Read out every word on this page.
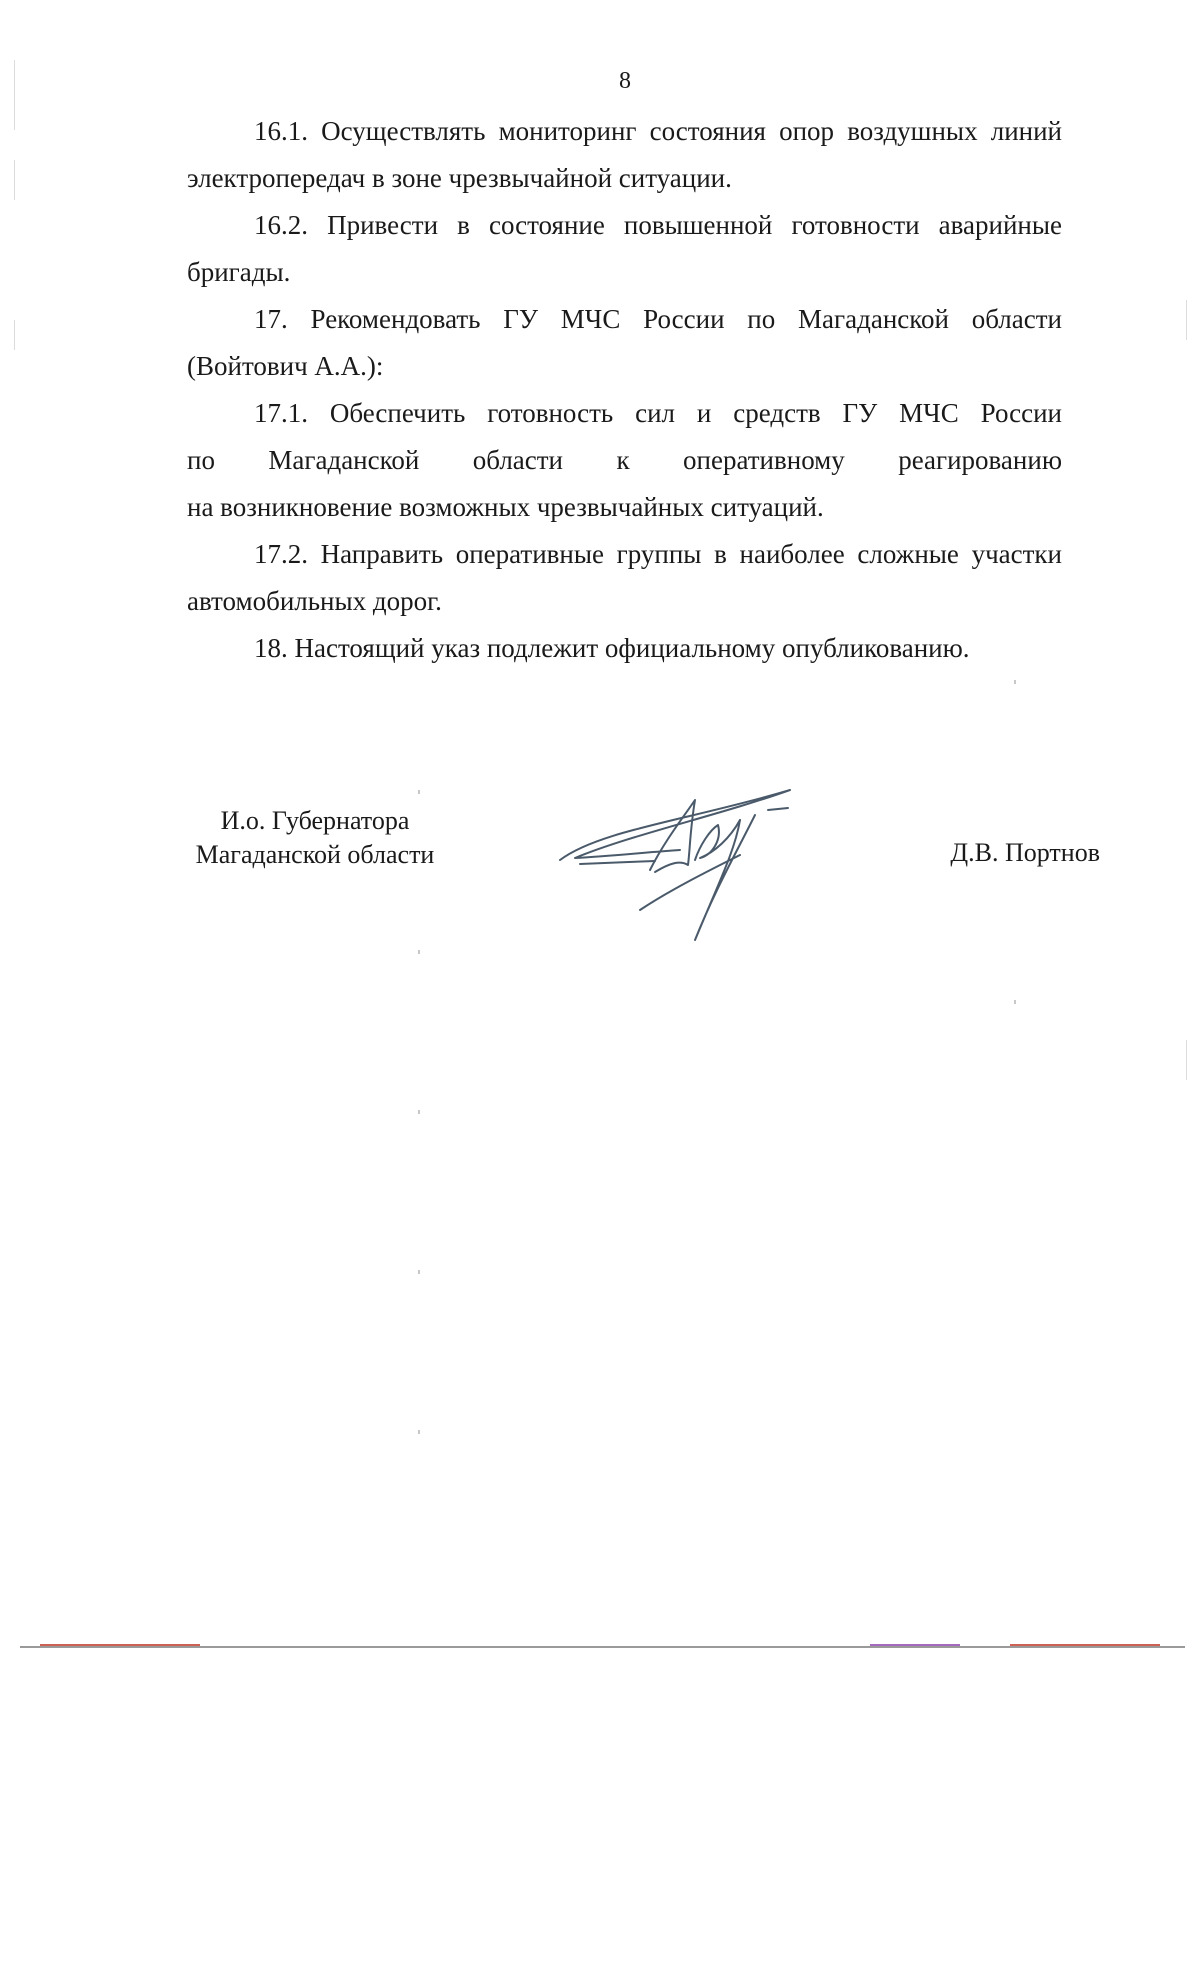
8

16.1. Осуществлять мониторинг состояния опор воздушных линий электропередач в зоне чрезвычайной ситуации.

16.2. Привести в состояние повышенной готовности аварийные бригады.

17. Рекомендовать ГУ МЧС России по Магаданской области (Войтович А.А.):

17.1. Обеспечить готовность сил и средств ГУ МЧС России

по Магаданской области к оперативному реагированию

на возникновение возможных чрезвычайных ситуаций.

17.2. Направить оперативные группы в наиболее сложные участки автомобильных дорог.

18. Настоящий указ подлежит официальному опубликованию.

И.о. Губернатора
Магаданской области	Д.В. Портнов
